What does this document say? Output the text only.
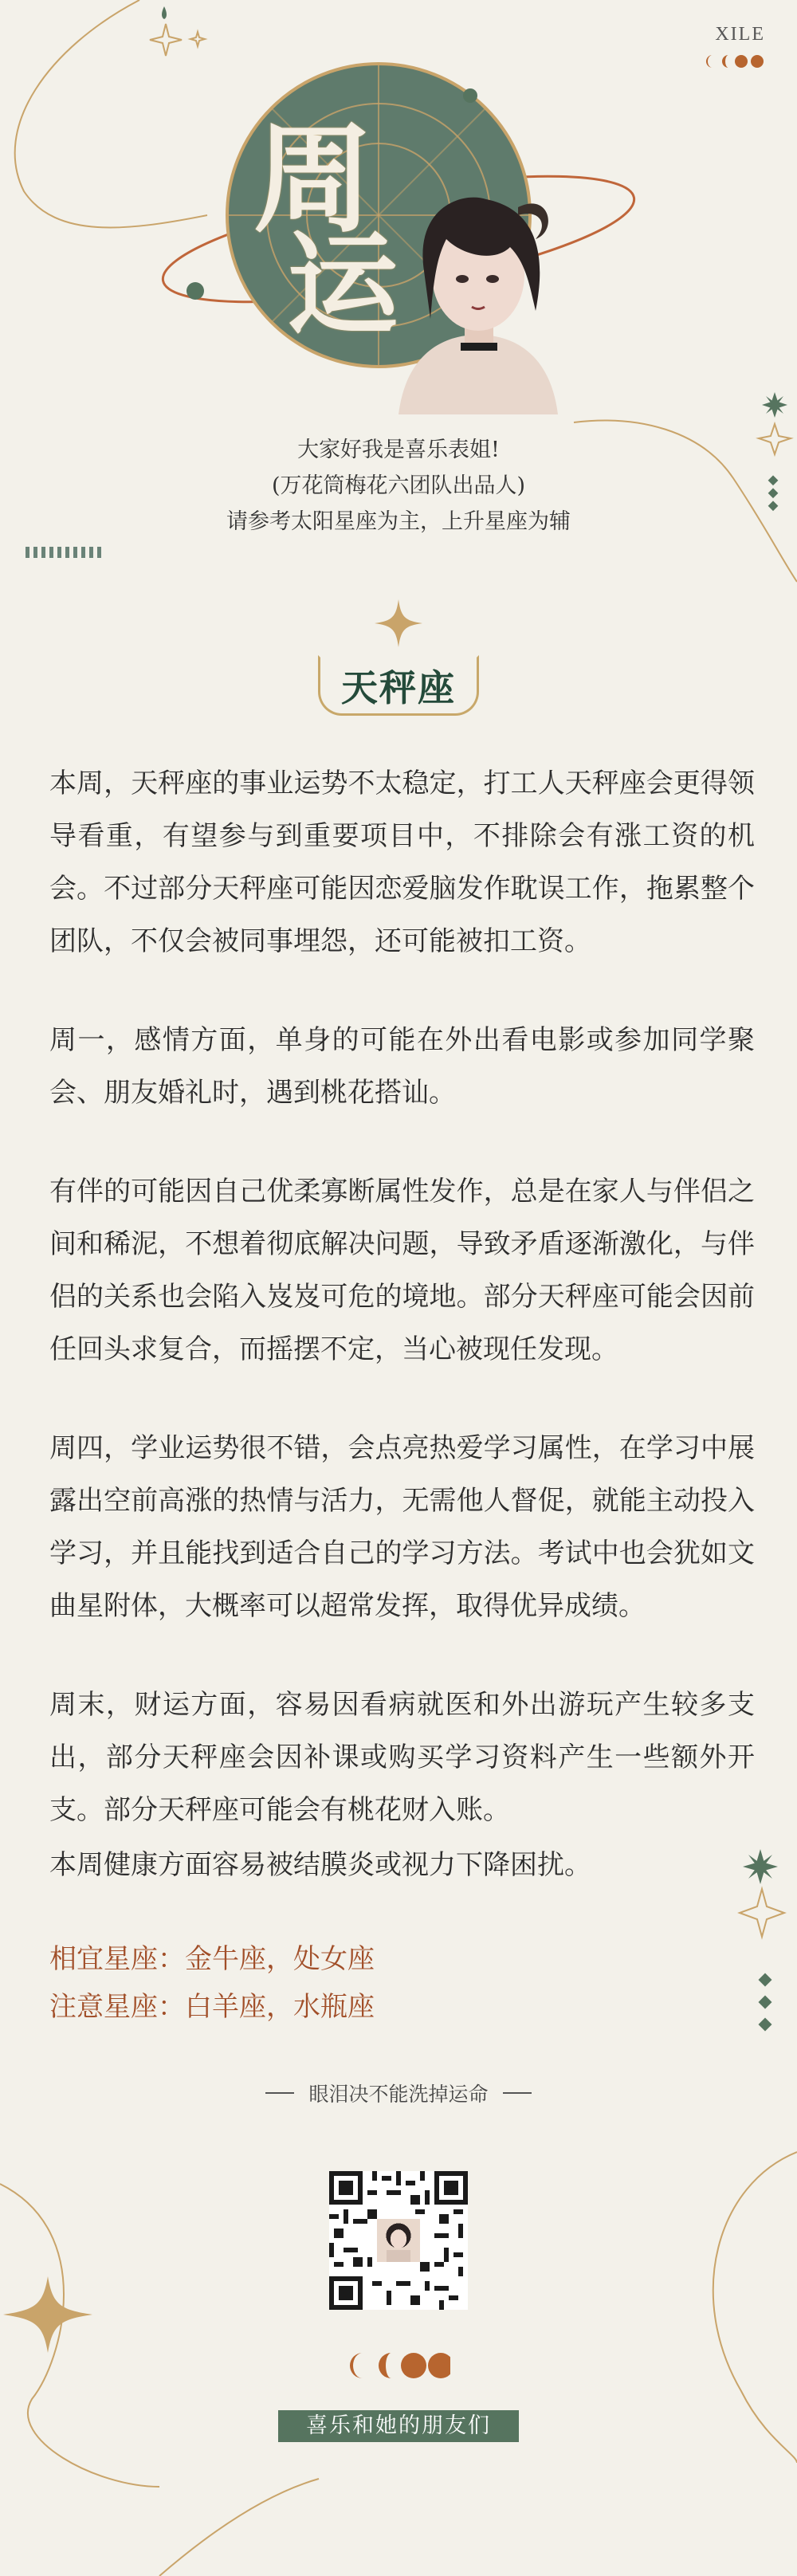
XILE
周
运
大家好我是喜乐表姐!
(万花筒梅花六团队出品人)
请参考太阳星座为主，上升星座为辅
天秤座

本周，天秤座的事业运势不太稳定，打工人天秤座会更得领导看重，有望参与到重要项目中，不排除会有涨工资的机会。不过部分天秤座可能因恋爱脑发作耽误工作，拖累整个团队，不仅会被同事埋怨，还可能被扣工资。

周一，感情方面，单身的可能在外出看电影或参加同学聚会、朋友婚礼时，遇到桃花搭讪。

有伴的可能因自己优柔寡断属性发作，总是在家人与伴侣之间和稀泥，不想着彻底解决问题，导致矛盾逐渐激化，与伴侣的关系也会陷入岌岌可危的境地。部分天秤座可能会因前任回头求复合，而摇摆不定，当心被现任发现。

周四，学业运势很不错，会点亮热爱学习属性，在学习中展露出空前高涨的热情与活力，无需他人督促，就能主动投入学习，并且能找到适合自己的学习方法。考试中也会犹如文曲星附体，大概率可以超常发挥，取得优异成绩。

周末，财运方面，容易因看病就医和外出游玩产生较多支出，部分天秤座会因补课或购买学习资料产生一些额外开支。部分天秤座可能会有桃花财入账。

本周健康方面容易被结膜炎或视力下降困扰。
相宜星座：金牛座，处女座
注意星座：白羊座，水瓶座
眼泪决不能洗掉运命
喜乐和她的朋友们
